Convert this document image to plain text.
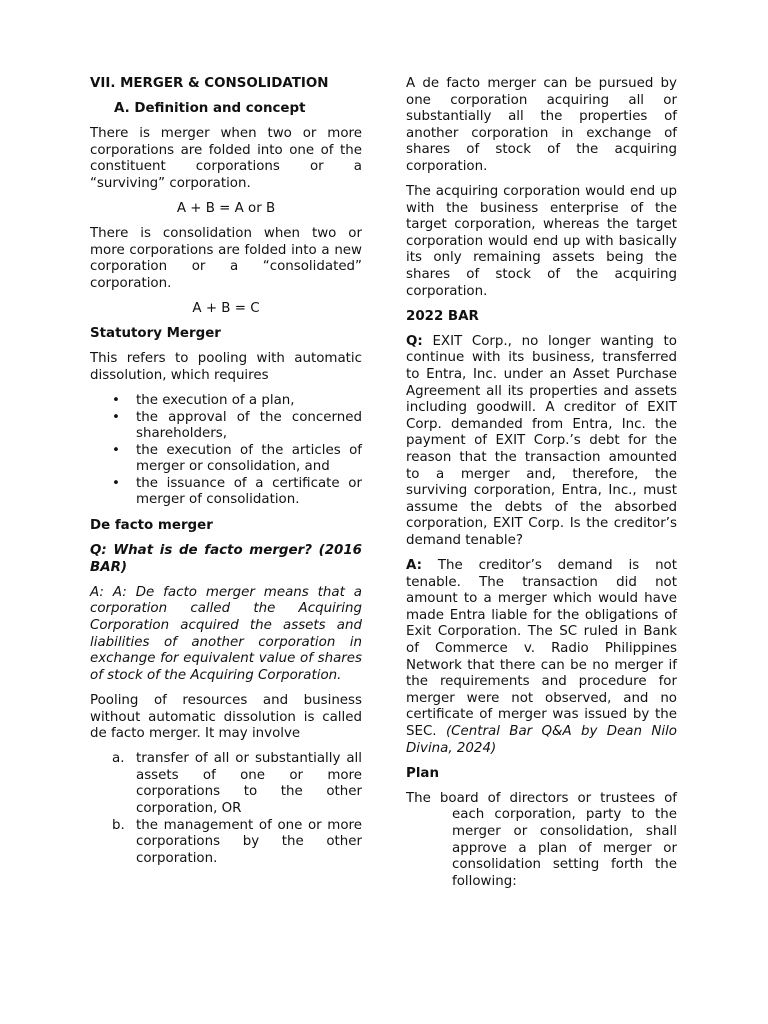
VII. MERGER & CONSOLIDATION
A. Definition and concept

There is merger when two or more corporations are folded into one of the constituent corporations or a “surviving” corporation.

A + B = A or B

There is consolidation when two or more corporations are folded into a new corporation or a “consolidated” corporation.

A + B = C

Statutory Merger

This refers to pooling with automatic dissolution, which requires

• the execution of a plan,
• the approval of the concerned shareholders,
• the execution of the articles of merger or consolidation, and
• the issuance of a certificate or merger of consolidation.
De facto merger

Q: What is de facto merger? (2016 BAR)

A: A: De facto merger means that a corporation called the Acquiring Corporation acquired the assets and liabilities of another corporation in exchange for equivalent value of shares of stock of the Acquiring Corporation.

Pooling of resources and business without automatic dissolution is called de facto merger. It may involve

a. transfer of all or substantially all assets of one or more corporations to the other corporation, OR
b. the management of one or more corporations by the other corporation.

A de facto merger can be pursued by one corporation acquiring all or substantially all the properties of another corporation in exchange of shares of stock of the acquiring corporation.

The acquiring corporation would end up with the business enterprise of the target corporation, whereas the target corporation would end up with basically its only remaining assets being the shares of stock of the acquiring corporation.

2022 BAR

Q: EXIT Corp., no longer wanting to continue with its business, transferred to Entra, Inc. under an Asset Purchase Agreement all its properties and assets including goodwill. A creditor of EXIT Corp. demanded from Entra, Inc. the payment of EXIT Corp.’s debt for the reason that the transaction amounted to a merger and, therefore, the surviving corporation, Entra, Inc., must assume the debts of the absorbed corporation, EXIT Corp. Is the creditor’s demand tenable?

A: The creditor’s demand is not tenable. The transaction did not amount to a merger which would have made Entra liable for the obligations of Exit Corporation. The SC ruled in Bank of Commerce v. Radio Philippines Network that there can be no merger if the requirements and procedure for merger were not observed, and no certificate of merger was issued by the SEC. (Central Bar Q&A by Dean Nilo Divina, 2024)

Plan

The board of directors or trustees of each corporation, party to the merger or consolidation, shall approve a plan of merger or consolidation setting forth the following:
